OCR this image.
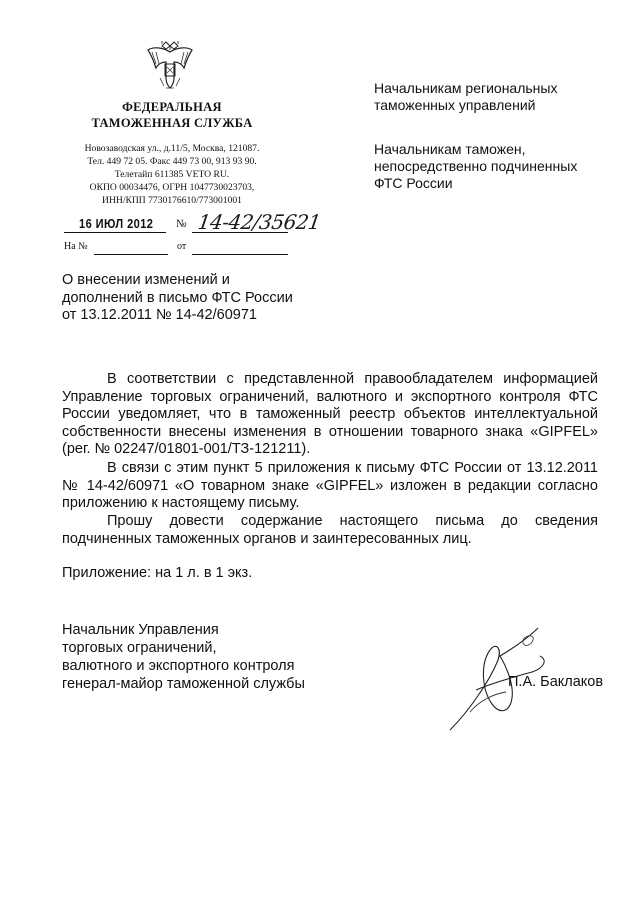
ФЕДЕРАЛЬНАЯ
ТАМОЖЕННАЯ СЛУЖБА
Новозаводская ул., д.11/5, Москва, 121087.
Тел. 449 72 05. Факс 449 73 00, 913 93 90.
Телетайп 611385 VETO RU.
ОКПО 00034476, ОГРН 1047730023703,
ИНН/КПП 7730176610/773001001
16 ИЮЛ 2012 № 14-42/35621
На №	от
Начальникам региональных
таможенных управлений
Начальникам таможен,
непосредственно подчиненных
ФТС России
О внесении изменений и
дополнений в письмо ФТС России
от 13.12.2011 № 14-42/60971
В соответствии с представленной правообладателем информацией Управление торговых ограничений, валютного и экспортного контроля ФТС России уведомляет, что в таможенный реестр объектов интеллектуальной собственности внесены изменения в отношении товарного знака «GIPFEL» (рег. № 02247/01801-001/ТЗ-121211).
В связи с этим пункт 5 приложения к письму ФТС России от 13.12.2011 № 14-42/60971 «О товарном знаке «GIPFEL» изложен в редакции согласно приложению к настоящему письму.
Прошу довести содержание настоящего письма до сведения подчиненных таможенных органов и заинтересованных лиц.
Приложение: на 1 л. в 1 экз.
Начальник Управления
торговых ограничений,
валютного и экспортного контроля
генерал-майор таможенной службы	П.А. Баклаков
